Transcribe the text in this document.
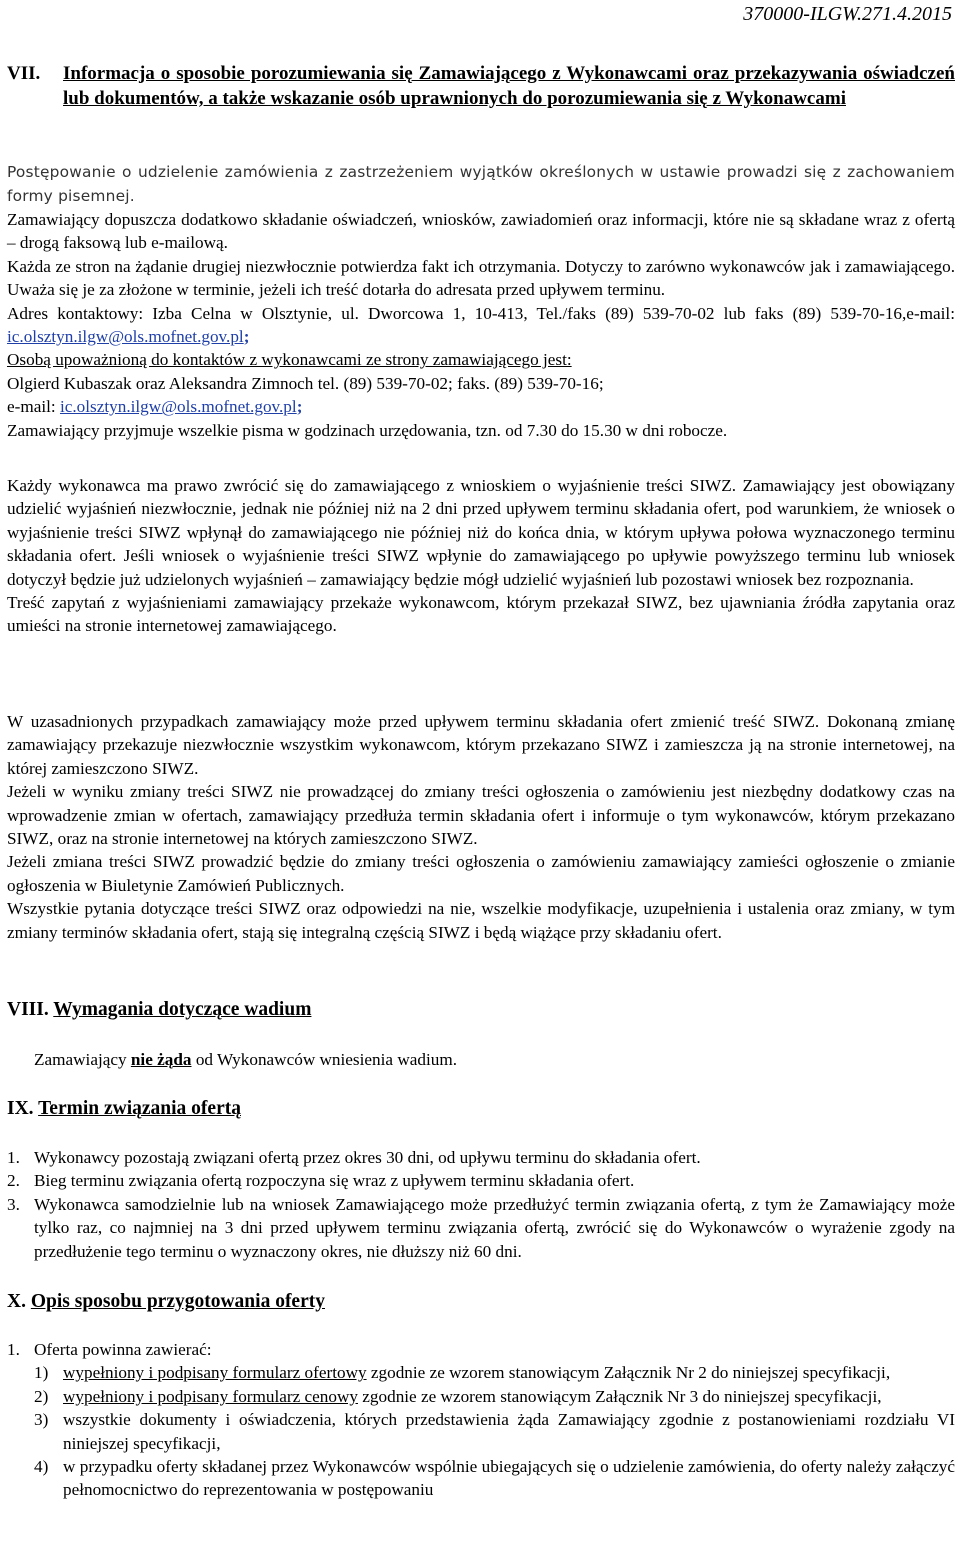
370000-ILGW.271.4.2015
VII.	Informacja o sposobie porozumiewania się Zamawiającego z Wykonawcami oraz przekazywania oświadczeń lub dokumentów, a także wskazanie osób uprawnionych do porozumiewania się z Wykonawcami

Postępowanie o udzielenie zamówienia z zastrzeżeniem wyjątków określonych w ustawie prowadzi się z zachowaniem formy pisemnej.

Zamawiający dopuszcza dodatkowo składanie oświadczeń, wniosków, zawiadomień oraz informacji, które nie są składane wraz z ofertą – drogą faksową lub e-mailową.

Każda ze stron na żądanie drugiej niezwłocznie potwierdza fakt ich otrzymania. Dotyczy to zarówno wykonawców jak i zamawiającego. Uważa się je za złożone w terminie, jeżeli ich treść dotarła do adresata przed upływem terminu.

Adres kontaktowy: Izba Celna w Olsztynie, ul. Dworcowa 1, 10-413, Tel./faks (89) 539-70-02 lub faks (89) 539-70-16,e-mail: ic.olsztyn.ilgw@ols.mofnet.gov.pl;

Osobą upoważnioną do kontaktów z wykonawcami ze strony zamawiającego jest:

Olgierd Kubaszak oraz Aleksandra Zimnoch tel. (89) 539-70-02; faks. (89) 539-70-16;

e-mail: ic.olsztyn.ilgw@ols.mofnet.gov.pl;

Zamawiający przyjmuje wszelkie pisma w godzinach urzędowania, tzn. od 7.30 do 15.30 w dni robocze.

Każdy wykonawca ma prawo zwrócić się do zamawiającego z wnioskiem o wyjaśnienie treści SIWZ. Zamawiający jest obowiązany udzielić wyjaśnień niezwłocznie, jednak nie później niż na 2 dni przed upływem terminu składania ofert, pod warunkiem, że wniosek o wyjaśnienie treści SIWZ wpłynął do zamawiającego nie później niż do końca dnia, w którym upływa połowa wyznaczonego terminu składania ofert. Jeśli wniosek o wyjaśnienie treści SIWZ wpłynie do zamawiającego po upływie powyższego terminu lub wniosek dotyczył będzie już udzielonych wyjaśnień – zamawiający będzie mógł udzielić wyjaśnień lub pozostawi wniosek bez rozpoznania.

Treść zapytań z wyjaśnieniami zamawiający przekaże wykonawcom, którym przekazał SIWZ, bez ujawniania źródła zapytania oraz umieści na stronie internetowej zamawiającego.

W uzasadnionych przypadkach zamawiający może przed upływem terminu składania ofert zmienić treść SIWZ. Dokonaną zmianę zamawiający przekazuje niezwłocznie wszystkim wykonawcom, którym przekazano SIWZ i zamieszcza ją na stronie internetowej, na której zamieszczono SIWZ.

Jeżeli w wyniku zmiany treści SIWZ nie prowadzącej do zmiany treści ogłoszenia o zamówieniu jest niezbędny dodatkowy czas na wprowadzenie zmian w ofertach, zamawiający przedłuża termin składania ofert i informuje o tym wykonawców, którym przekazano SIWZ, oraz na stronie internetowej na których zamieszczono SIWZ.

Jeżeli zmiana treści SIWZ prowadzić będzie do zmiany treści ogłoszenia o zamówieniu zamawiający zamieści ogłoszenie o zmianie ogłoszenia w Biuletynie Zamówień Publicznych.

Wszystkie pytania dotyczące treści SIWZ oraz odpowiedzi na nie, wszelkie modyfikacje, uzupełnienia i ustalenia oraz zmiany, w tym zmiany terminów składania ofert, stają się integralną częścią SIWZ i będą wiążące przy składaniu ofert.

VIII. Wymagania dotyczące wadium
Zamawiający nie żąda od Wykonawców wniesienia wadium.
IX. Termin związania ofertą
1. Wykonawcy pozostają związani ofertą przez okres 30 dni, od upływu terminu do składania ofert.
2. Bieg terminu związania ofertą rozpoczyna się wraz z upływem terminu składania ofert.
3. Wykonawca samodzielnie lub na wniosek Zamawiającego może przedłużyć termin związania ofertą, z tym że Zamawiający może tylko raz, co najmniej na 3 dni przed upływem terminu związania ofertą, zwrócić się do Wykonawców o wyrażenie zgody na przedłużenie tego terminu o wyznaczony okres, nie dłuższy niż 60 dni.
X. Opis sposobu przygotowania oferty
1. Oferta powinna zawierać:
1) wypełniony i podpisany formularz ofertowy zgodnie ze wzorem stanowiącym Załącznik Nr 2 do niniejszej specyfikacji,
2) wypełniony i podpisany formularz cenowy zgodnie ze wzorem stanowiącym Załącznik Nr 3 do niniejszej specyfikacji,
3) wszystkie dokumenty i oświadczenia, których przedstawienia żąda Zamawiający zgodnie z postanowieniami rozdziału VI niniejszej specyfikacji,
4) w przypadku oferty składanej przez Wykonawców wspólnie ubiegających się o udzielenie zamówienia, do oferty należy załączyć pełnomocnictwo do reprezentowania w postępowaniu
